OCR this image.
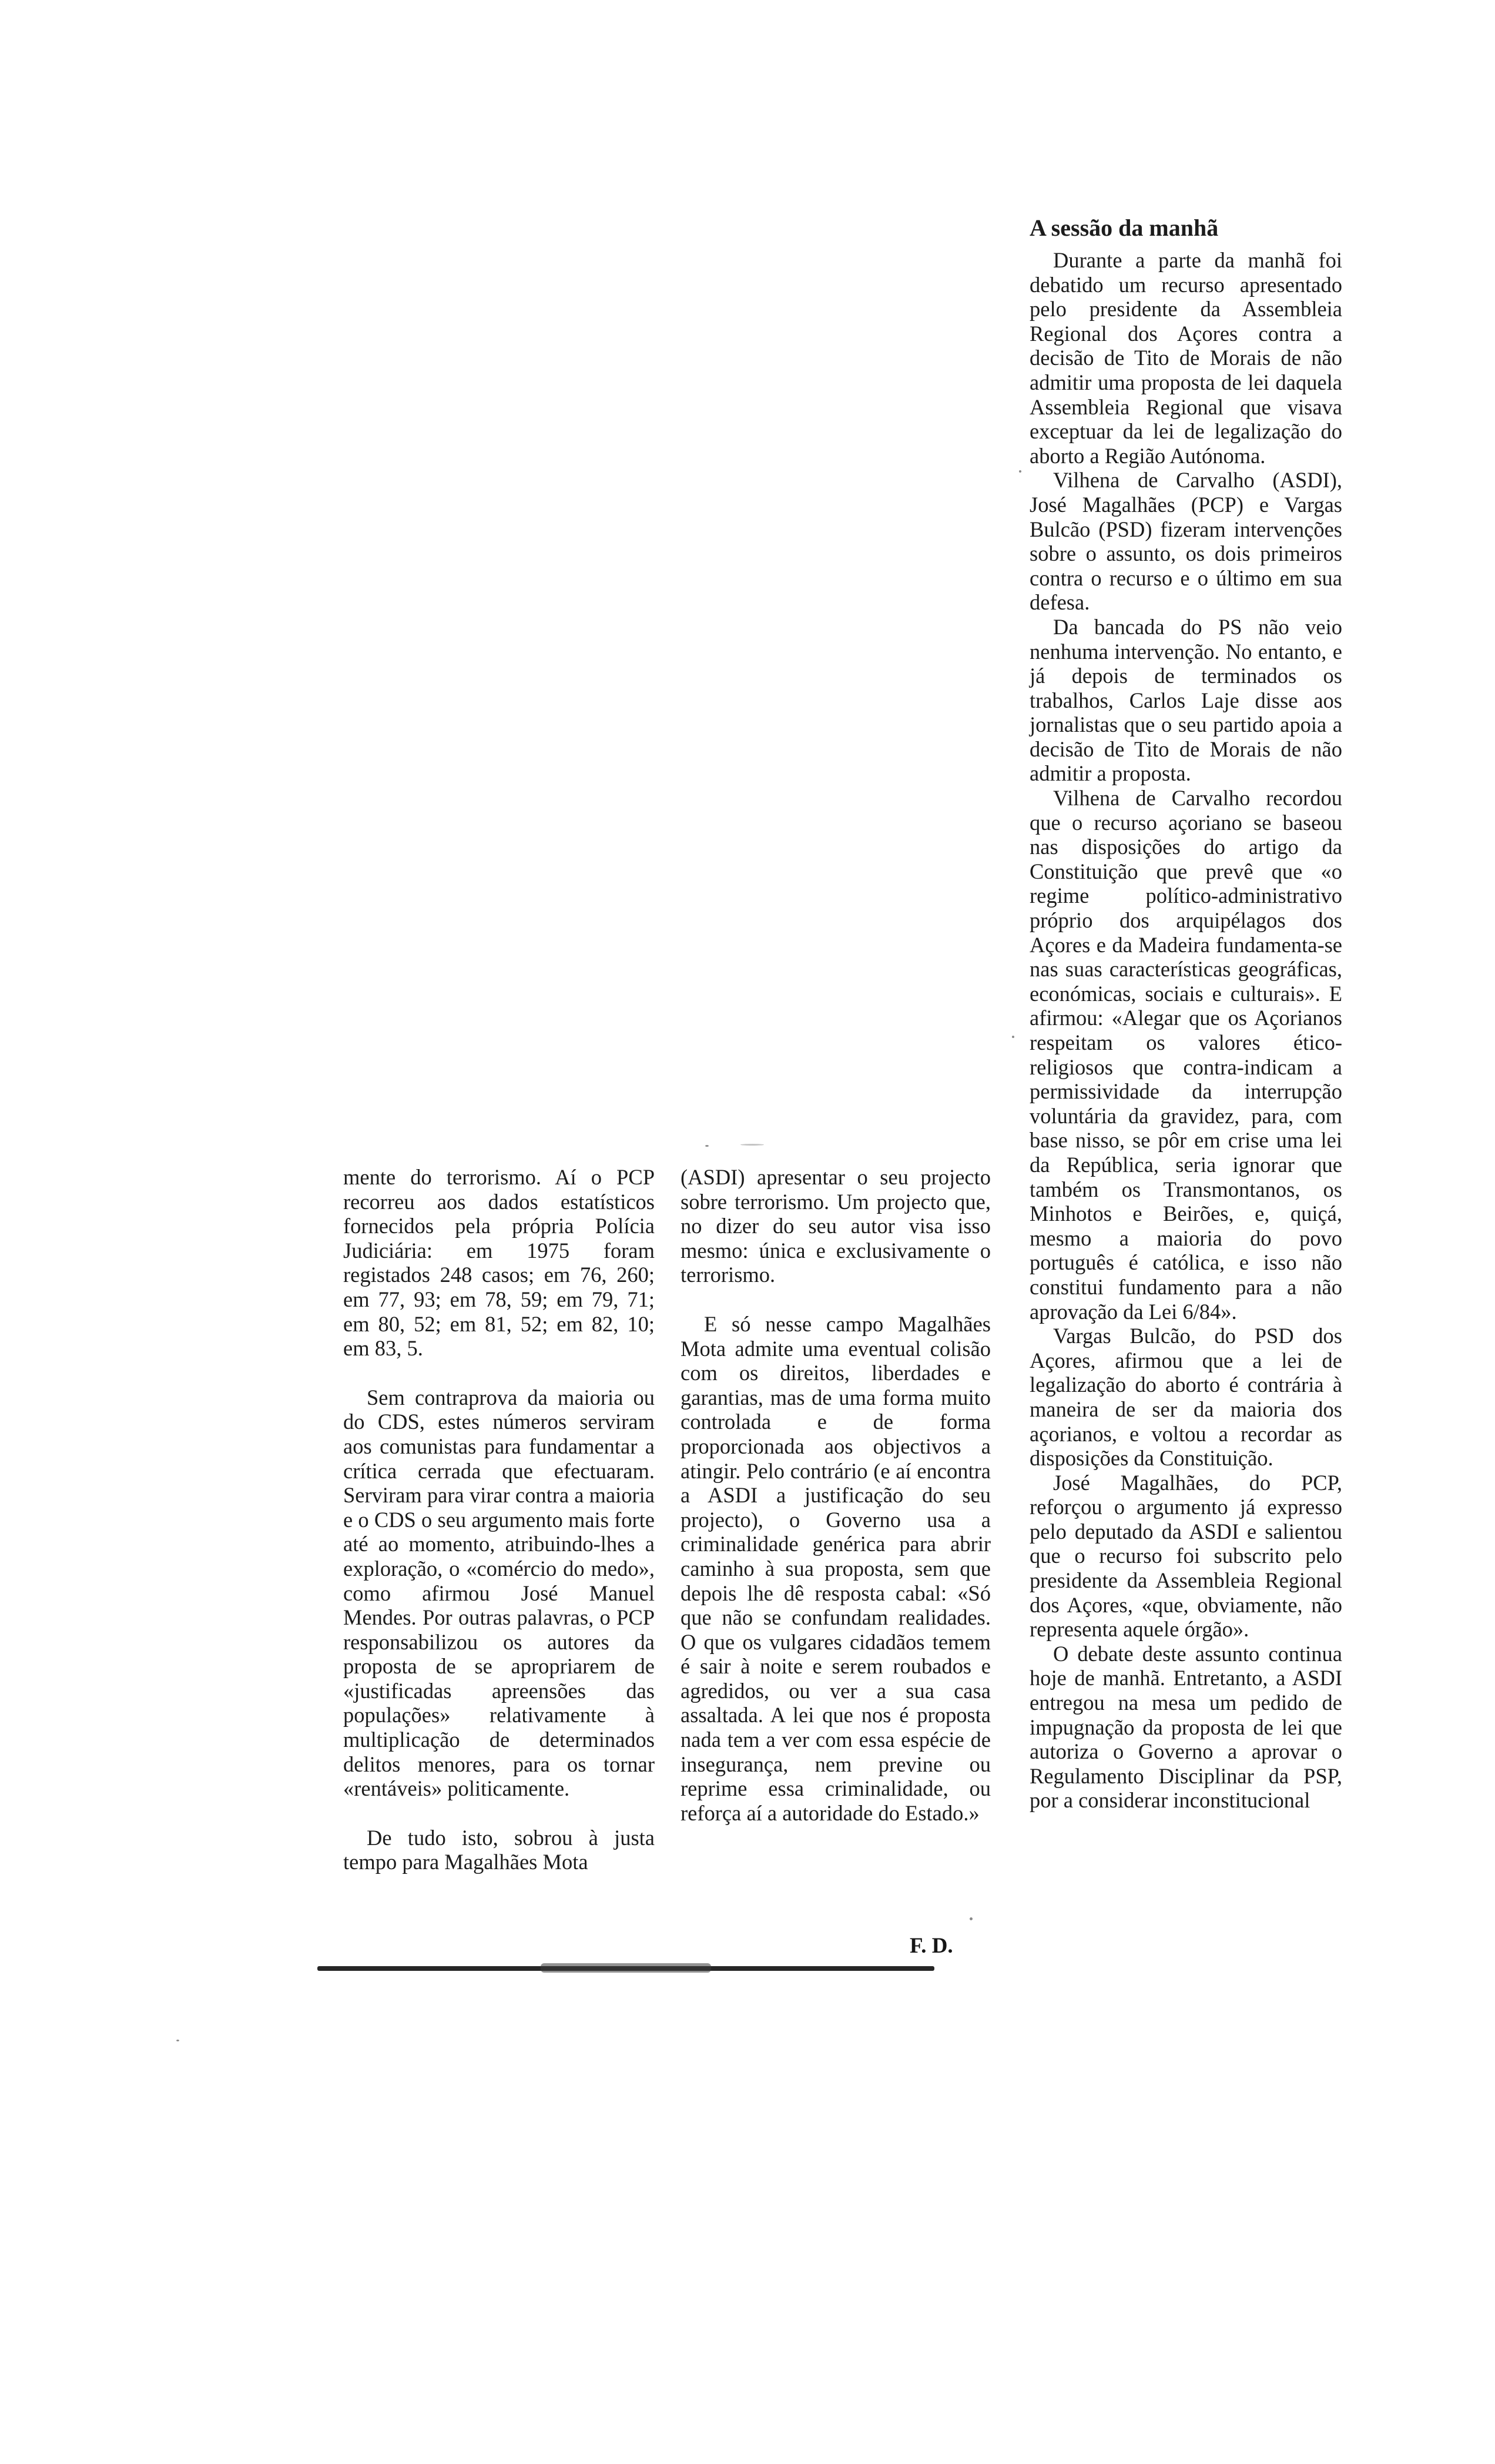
A sessão da manhã

Durante a parte da manhã foi debatido um recurso apresentado pelo presidente da Assembleia Regional dos Açores contra a decisão de Tito de Morais de não admitir uma proposta de lei daquela Assembleia Regional que visava exceptuar da lei de legalização do aborto a Região Autónoma.

Vilhena de Carvalho (ASDI), José Magalhães (PCP) e Vargas Bulcão (PSD) fizeram intervenções sobre o assunto, os dois primeiros contra o recurso e o último em sua defesa.

Da bancada do PS não veio nenhuma intervenção. No entanto, e já depois de terminados os trabalhos, Carlos Laje disse aos jornalistas que o seu partido apoia a decisão de Tito de Morais de não admitir a proposta.

Vilhena de Carvalho recordou que o recurso açoriano se baseou nas disposições do artigo da Constituição que prevê que «o regime político-administrativo próprio dos arquipélagos dos Açores e da Madeira fundamenta-se nas suas características geográficas, económicas, sociais e culturais». E afirmou: «Alegar que os Açorianos respeitam os valores ético-religiosos que contra-indicam a permissividade da interrupção voluntária da gravidez, para, com base nisso, se pôr em crise uma lei da República, seria ignorar que também os Transmontanos, os Minhotos e Beirões, e, quiçá, mesmo a maioria do povo português é católica, e isso não constitui fundamento para a não aprovação da Lei 6/84».

Vargas Bulcão, do PSD dos Açores, afirmou que a lei de legalização do aborto é contrária à maneira de ser da maioria dos açorianos, e voltou a recordar as disposições da Constituição.

José Magalhães, do PCP, reforçou o argumento já expresso pelo deputado da ASDI e salientou que o recurso foi subscrito pelo presidente da Assembleia Regional dos Açores, «que, obviamente, não representa aquele órgão».

O debate deste assunto continua hoje de manhã. Entretanto, a ASDI entregou na mesa um pedido de impugnação da proposta de lei que autoriza o Governo a aprovar o Regulamento Disciplinar da PSP, por a considerar inconstitucional

mente do terrorismo. Aí o PCP recorreu aos dados estatísticos fornecidos pela própria Polícia Judiciária: em 1975 foram registados 248 casos; em 76, 260; em 77, 93; em 78, 59; em 79, 71; em 80, 52; em 81, 52; em 82, 10; em 83, 5.

Sem contraprova da maioria ou do CDS, estes números serviram aos comunistas para fundamentar a crítica cerrada que efectuaram. Serviram para virar contra a maioria e o CDS o seu argumento mais forte até ao momento, atribuindo-lhes a exploração, o «comércio do medo», como afirmou José Manuel Mendes. Por outras palavras, o PCP responsabilizou os autores da proposta de se apropriarem de «justificadas apreensões das populações» relativamente à multiplicação de determinados delitos menores, para os tornar «rentáveis» politicamente.

De tudo isto, sobrou à justa tempo para Magalhães Mota

(ASDI) apresentar o seu projecto sobre terrorismo. Um projecto que, no dizer do seu autor visa isso mesmo: única e exclusivamente o terrorismo.

E só nesse campo Magalhães Mota admite uma eventual colisão com os direitos, liberdades e garantias, mas de uma forma muito controlada e de forma proporcionada aos objectivos a atingir. Pelo contrário (e aí encontra a ASDI a justificação do seu projecto), o Governo usa a criminalidade genérica para abrir caminho à sua proposta, sem que depois lhe dê resposta cabal: «Só que não se confundam realidades. O que os vulgares cidadãos temem é sair à noite e serem roubados e agredidos, ou ver a sua casa assaltada. A lei que nos é proposta nada tem a ver com essa espécie de insegurança, nem previne ou reprime essa criminalidade, ou reforça aí a autoridade do Estado.»

F. D.
